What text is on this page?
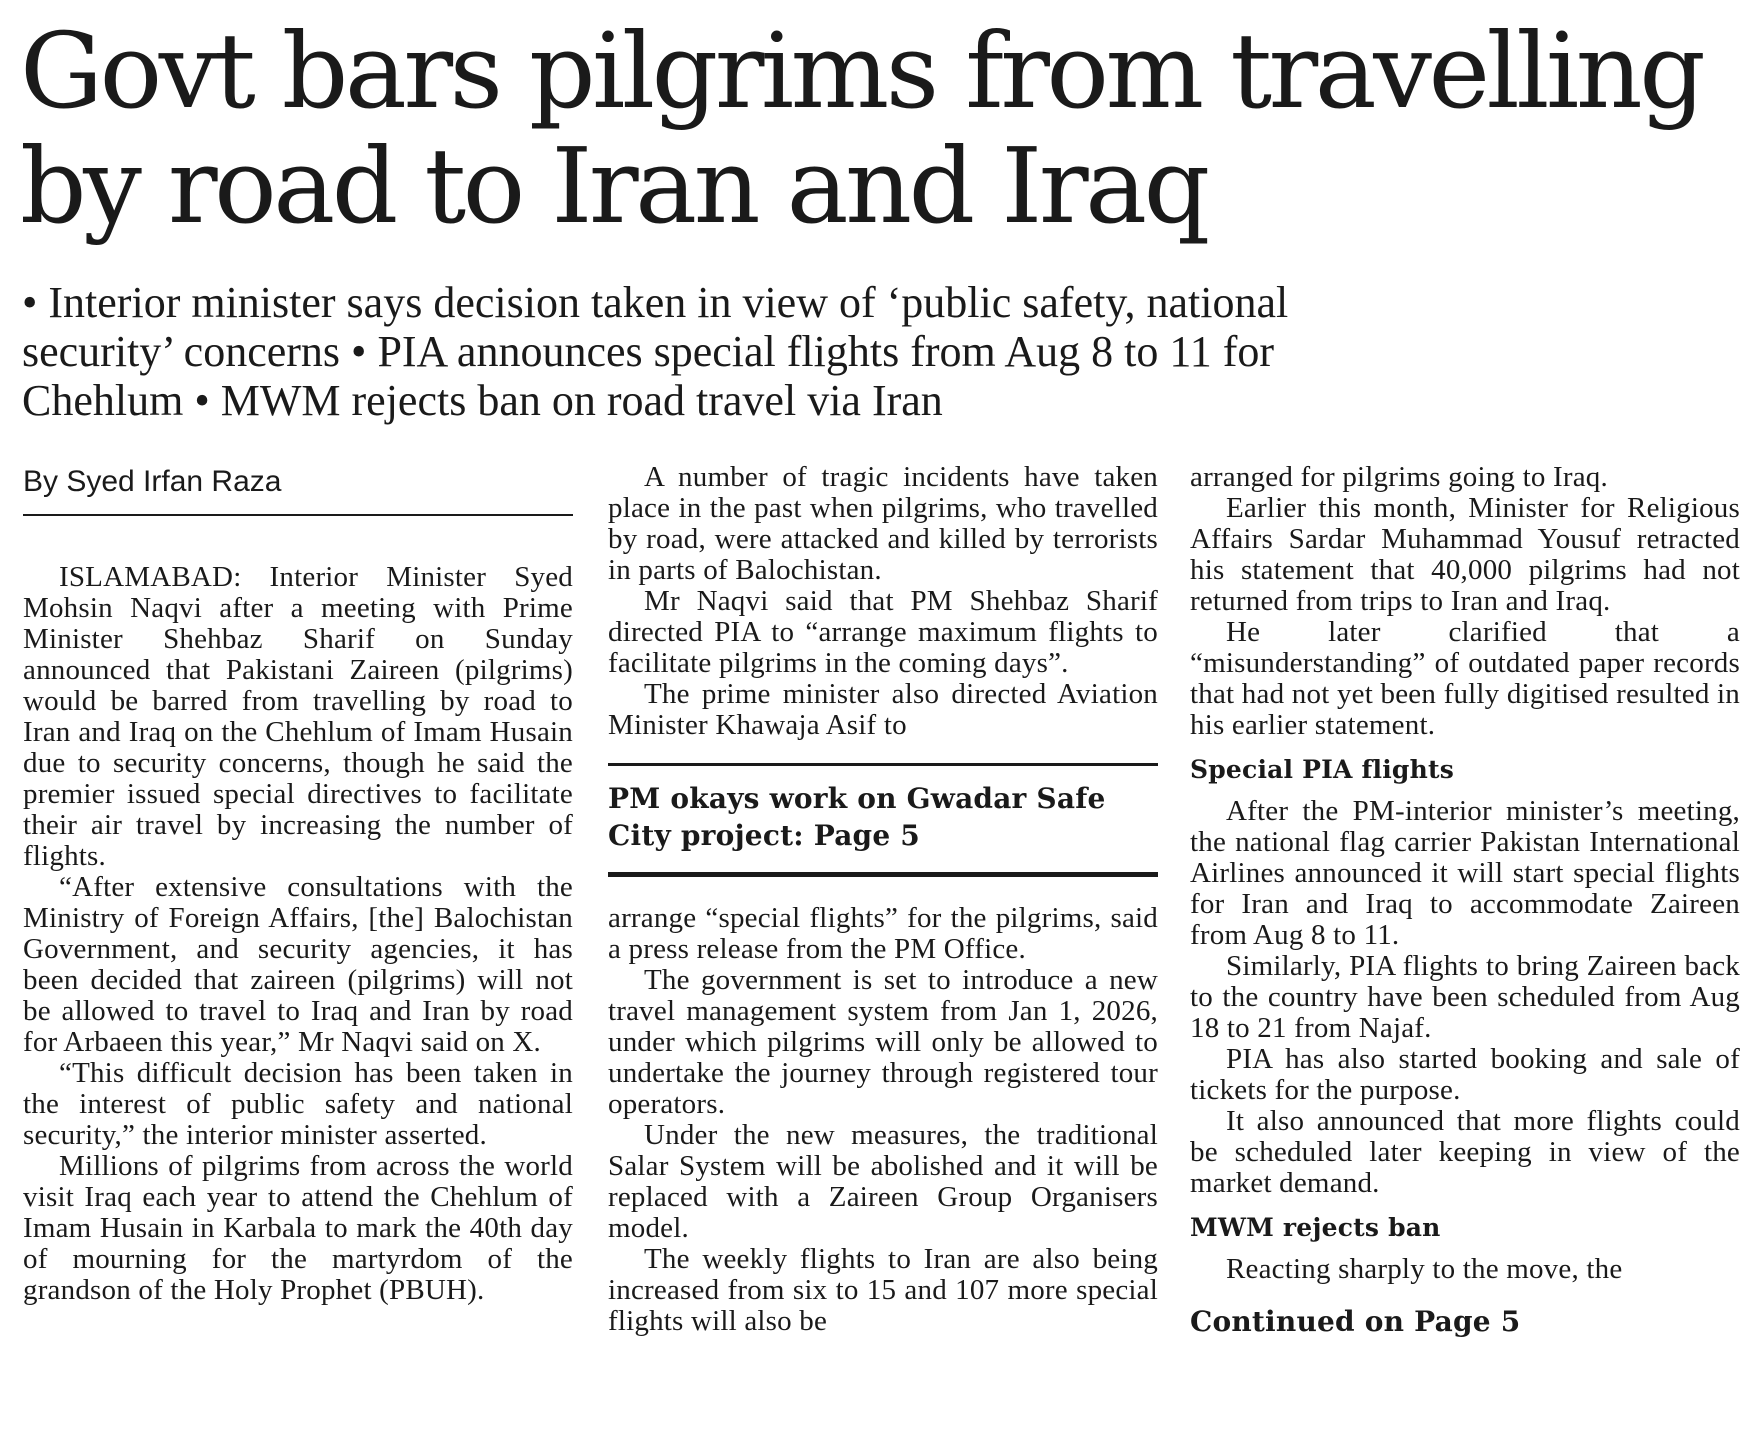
Govt bars pilgrims from travelling
by road to Iran and Iraq
• Interior minister says decision taken in view of ‘public safety, national
security’ concerns • PIA announces special flights from Aug 8 to 11 for
Chehlum • MWM rejects ban on road travel via Iran
By Syed Irfan Raza

ISLAMABAD: Interior Minister Syed Mohsin Naqvi after a meeting with Prime Minister Shehbaz Sharif on Sunday announced that Pakistani Zaireen (pilgrims) would be barred from travelling by road to Iran and Iraq on the Chehlum of Imam Husain due to security concerns, though he said the premier issued special directives to facilitate their air travel by increasing the number of flights.

“After extensive consultations with the Ministry of Foreign Affairs, [the] Balochistan Government, and security agencies, it has been decided that zaireen (pilgrims) will not be allowed to travel to Iraq and Iran by road for Arbaeen this year,” Mr Naqvi said on X.

“This difficult decision has been taken in the interest of public safety and national security,” the interior minister asserted.

Millions of pilgrims from across the world visit Iraq each year to attend the Chehlum of Imam Husain in Karbala to mark the 40th day of mourning for the martyrdom of the grandson of the Holy Prophet (PBUH).

A number of tragic incidents have taken place in the past when pilgrims, who travelled by road, were attacked and killed by terrorists in parts of Balochistan.

Mr Naqvi said that PM Shehbaz Sharif directed PIA to “arrange maximum flights to facilitate pilgrims in the coming days”.

The prime minister also directed Aviation Minister Khawaja Asif to

PM okays work on Gwadar Safe
City project: Page 5

arrange “special flights” for the pilgrims, said a press release from the PM Office.

The government is set to introduce a new travel management system from Jan 1, 2026, under which pilgrims will only be allowed to undertake the journey through registered tour operators.

Under the new measures, the traditional Salar System will be abolished and it will be replaced with a Zaireen Group Organisers model.

The weekly flights to Iran are also being increased from six to 15 and 107 more special flights will also be

arranged for pilgrims going to Iraq.

Earlier this month, Minister for Religious Affairs Sardar Muhammad Yousuf retracted his statement that 40,000 pilgrims had not returned from trips to Iran and Iraq.

He later clarified that a “misunderstanding” of outdated paper records that had not yet been fully digitised resulted in his earlier statement.

Special PIA flights

After the PM-interior minister’s meeting, the national flag carrier Pakistan International Airlines announced it will start special flights for Iran and Iraq to accommodate Zaireen from Aug 8 to 11.

Similarly, PIA flights to bring Zaireen back to the country have been scheduled from Aug 18 to 21 from Najaf.

PIA has also started booking and sale of tickets for the purpose.

It also announced that more flights could be scheduled later keeping in view of the market demand.

MWM rejects ban

Reacting sharply to the move, the

Continued on Page 5
